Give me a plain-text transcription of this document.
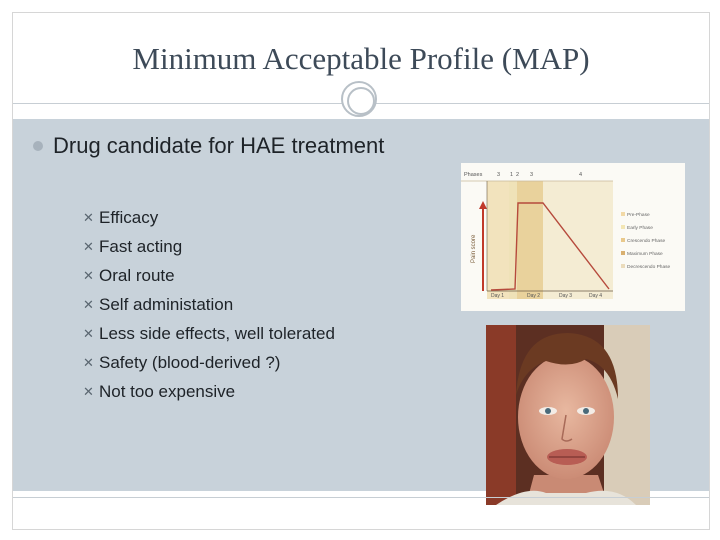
Minimum Acceptable Profile (MAP)
Drug candidate for HAE treatment
✕ Efficacy
✕ Fast acting
✕ Oral route
✕ Self administation
✕ Less side effects, well tolerated
✕ Safety (blood-derived ?)
✕ Not too expensive
Phases	3 1 2 3	4
Pain score
Day 1	Day 2	Day 3	Day 4
Pre-Phase
Early Phase
Crescendo Phase
Maximum Phase
Decrescendo Phase
